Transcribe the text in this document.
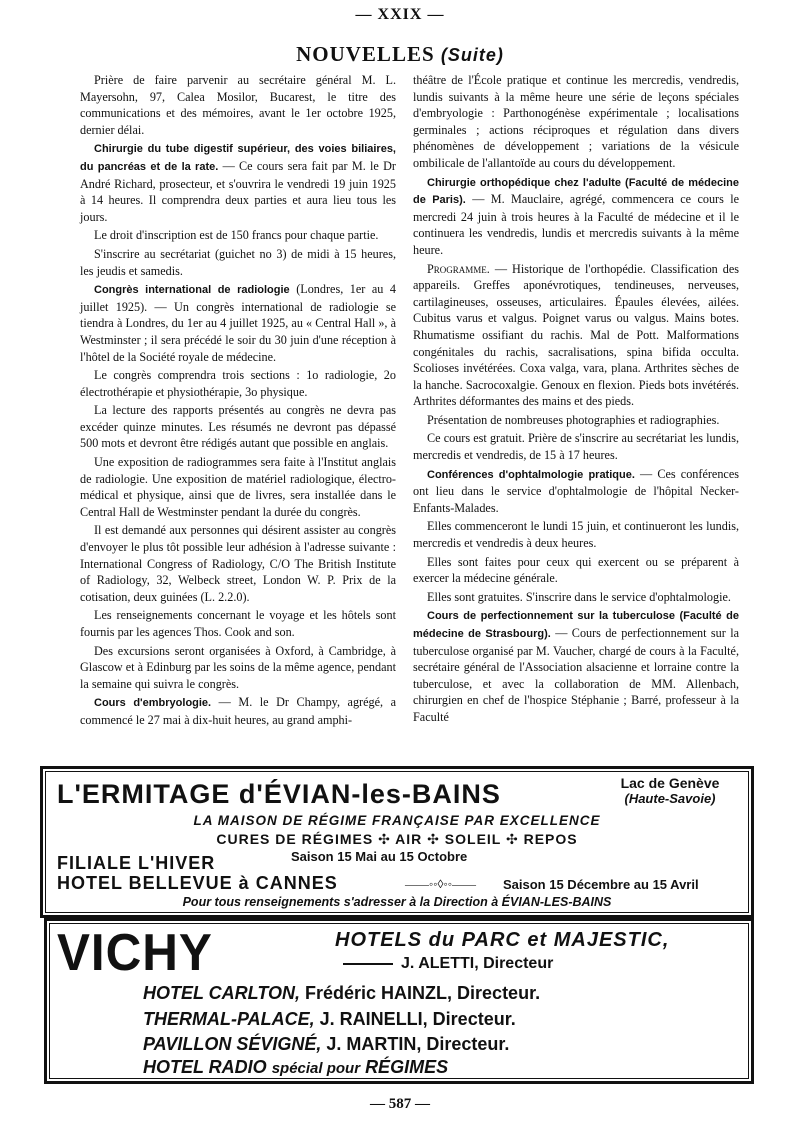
— XXIX —
NOUVELLES (Suite)

Prière de faire parvenir au secrétaire général M. L. Mayersohn, 97, Calea Mosilor, Bucarest, le titre des communications et des mémoires, avant le 1er octobre 1925, dernier délai.

Chirurgie du tube digestif supérieur, des voies biliaires, du pancréas et de la rate. — Ce cours sera fait par M. le Dr André Richard, prosecteur, et s'ouvrira le vendredi 19 juin 1925 à 14 heures. Il comprendra deux parties et aura lieu tous les jours.

Le droit d'inscription est de 150 francs pour chaque partie.

S'inscrire au secrétariat (guichet no 3) de midi à 15 heures, les jeudis et samedis.

Congrès international de radiologie (Londres, 1er au 4 juillet 1925). — Un congrès international de radiologie se tiendra à Londres, du 1er au 4 juillet 1925, au « Central Hall », à Westminster ; il sera précédé le soir du 30 juin d'une réception à l'hôtel de la Société royale de médecine.

Le congrès comprendra trois sections : 1o radiologie, 2o électrothérapie et physiothérapie, 3o physique.

La lecture des rapports présentés au congrès ne devra pas excéder quinze minutes. Les résumés ne devront pas dépassé 500 mots et devront être rédigés autant que possible en anglais.

Une exposition de radiogrammes sera faite à l'Institut anglais de radiologie. Une exposition de matériel radiologique, électro-médical et physique, ainsi que de livres, sera installée dans le Central Hall de Westminster pendant la durée du congrès.

Il est demandé aux personnes qui désirent assister au congrès d'envoyer le plus tôt possible leur adhésion à l'adresse suivante : International Congress of Radiology, C/O The British Institute of Radiology, 32, Welbeck street, London W. P. Prix de la cotisation, deux guinées (L. 2.2.0).

Les renseignements concernant le voyage et les hôtels sont fournis par les agences Thos. Cook and son.

Des excursions seront organisées à Oxford, à Cambridge, à Glascow et à Edinburg par les soins de la même agence, pendant la semaine qui suivra le congrès.

Cours d'embryologie. — M. le Dr Champy, agrégé, a commencé le 27 mai à dix-huit heures, au grand amphi-

théâtre de l'École pratique et continue les mercredis, vendredis, lundis suivants à la même heure une série de leçons spéciales d'embryologie : Parthonogénèse expérimentale ; localisations germinales ; actions réciproques et régulation dans divers phénomènes de développement ; variations de la vésicule ombilicale de l'allantoïde au cours du développement.

Chirurgie orthopédique chez l'adulte (Faculté de médecine de Paris). — M. Mauclaire, agrégé, commencera ce cours le mercredi 24 juin à trois heures à la Faculté de médecine et il le continuera les vendredis, lundis et mercredis suivants à la même heure.

Programme. — Historique de l'orthopédie. Classification des appareils. Greffes aponévrotiques, tendineuses, nerveuses, cartilagineuses, osseuses, articulaires. Épaules élevées, ailées. Cubitus varus et valgus. Poignet varus ou valgus. Mains botes. Rhumatisme ossifiant du rachis. Mal de Pott. Malformations congénitales du rachis, sacralisations, spina bifida occulta. Scolioses invétérées. Coxa valga, vara, plana. Arthrites sèches de la hanche. Sacrocoxalgie. Genoux en flexion. Pieds bots invétérés. Arthrites déformantes des mains et des pieds.

Présentation de nombreuses photographies et radiographies.

Ce cours est gratuit. Prière de s'inscrire au secrétariat les lundis, mercredis et vendredis, de 15 à 17 heures.

Conférences d'ophtalmologie pratique. — Ces conférences ont lieu dans le service d'ophtalmologie de l'hôpital Necker-Enfants-Malades.

Elles commenceront le lundi 15 juin, et continueront les lundis, mercredis et vendredis à deux heures.

Elles sont faites pour ceux qui exercent ou se préparent à exercer la médecine générale.

Elles sont gratuites. S'inscrire dans le service d'ophtalmologie.

Cours de perfectionnement sur la tuberculose (Faculté de médecine de Strasbourg). — Cours de perfectionnement sur la tuberculose organisé par M. Vaucher, chargé de cours à la Faculté, secrétaire général de l'Association alsacienne et lorraine contre la tuberculose, et avec la collaboration de MM. Allenbach, chirurgien en chef de l'hospice Stéphanie ; Barré, professeur à la Faculté

L'ERMITAGE d'ÉVIAN-les-BAINS	Lac de Genève
(Haute-Savoie)
LA MAISON DE RÉGIME FRANÇAISE PAR EXCELLENCE
CURES DE RÉGIMES ✣ AIR ✣ SOLEIL ✣ REPOS
FILIALE L'HIVER	Saison 15 Mai au 15 Octobre
HOTEL BELLEVUE à CANNES	——◦◦◊◦◦—— Saison 15 Décembre au 15 Avril
Pour tous renseignements s'adresser à la Direction à ÉVIAN-LES-BAINS
VICHY	HOTELS du PARC et MAJESTIC,
J. ALETTI, Directeur
HOTEL CARLTON, Frédéric HAINZL, Directeur.
THERMAL-PALACE, J. RAINELLI, Directeur.
PAVILLON SÉVIGNÉ, J. MARTIN, Directeur.
HOTEL RADIO spécial pour RÉGIMES
— 587 —
